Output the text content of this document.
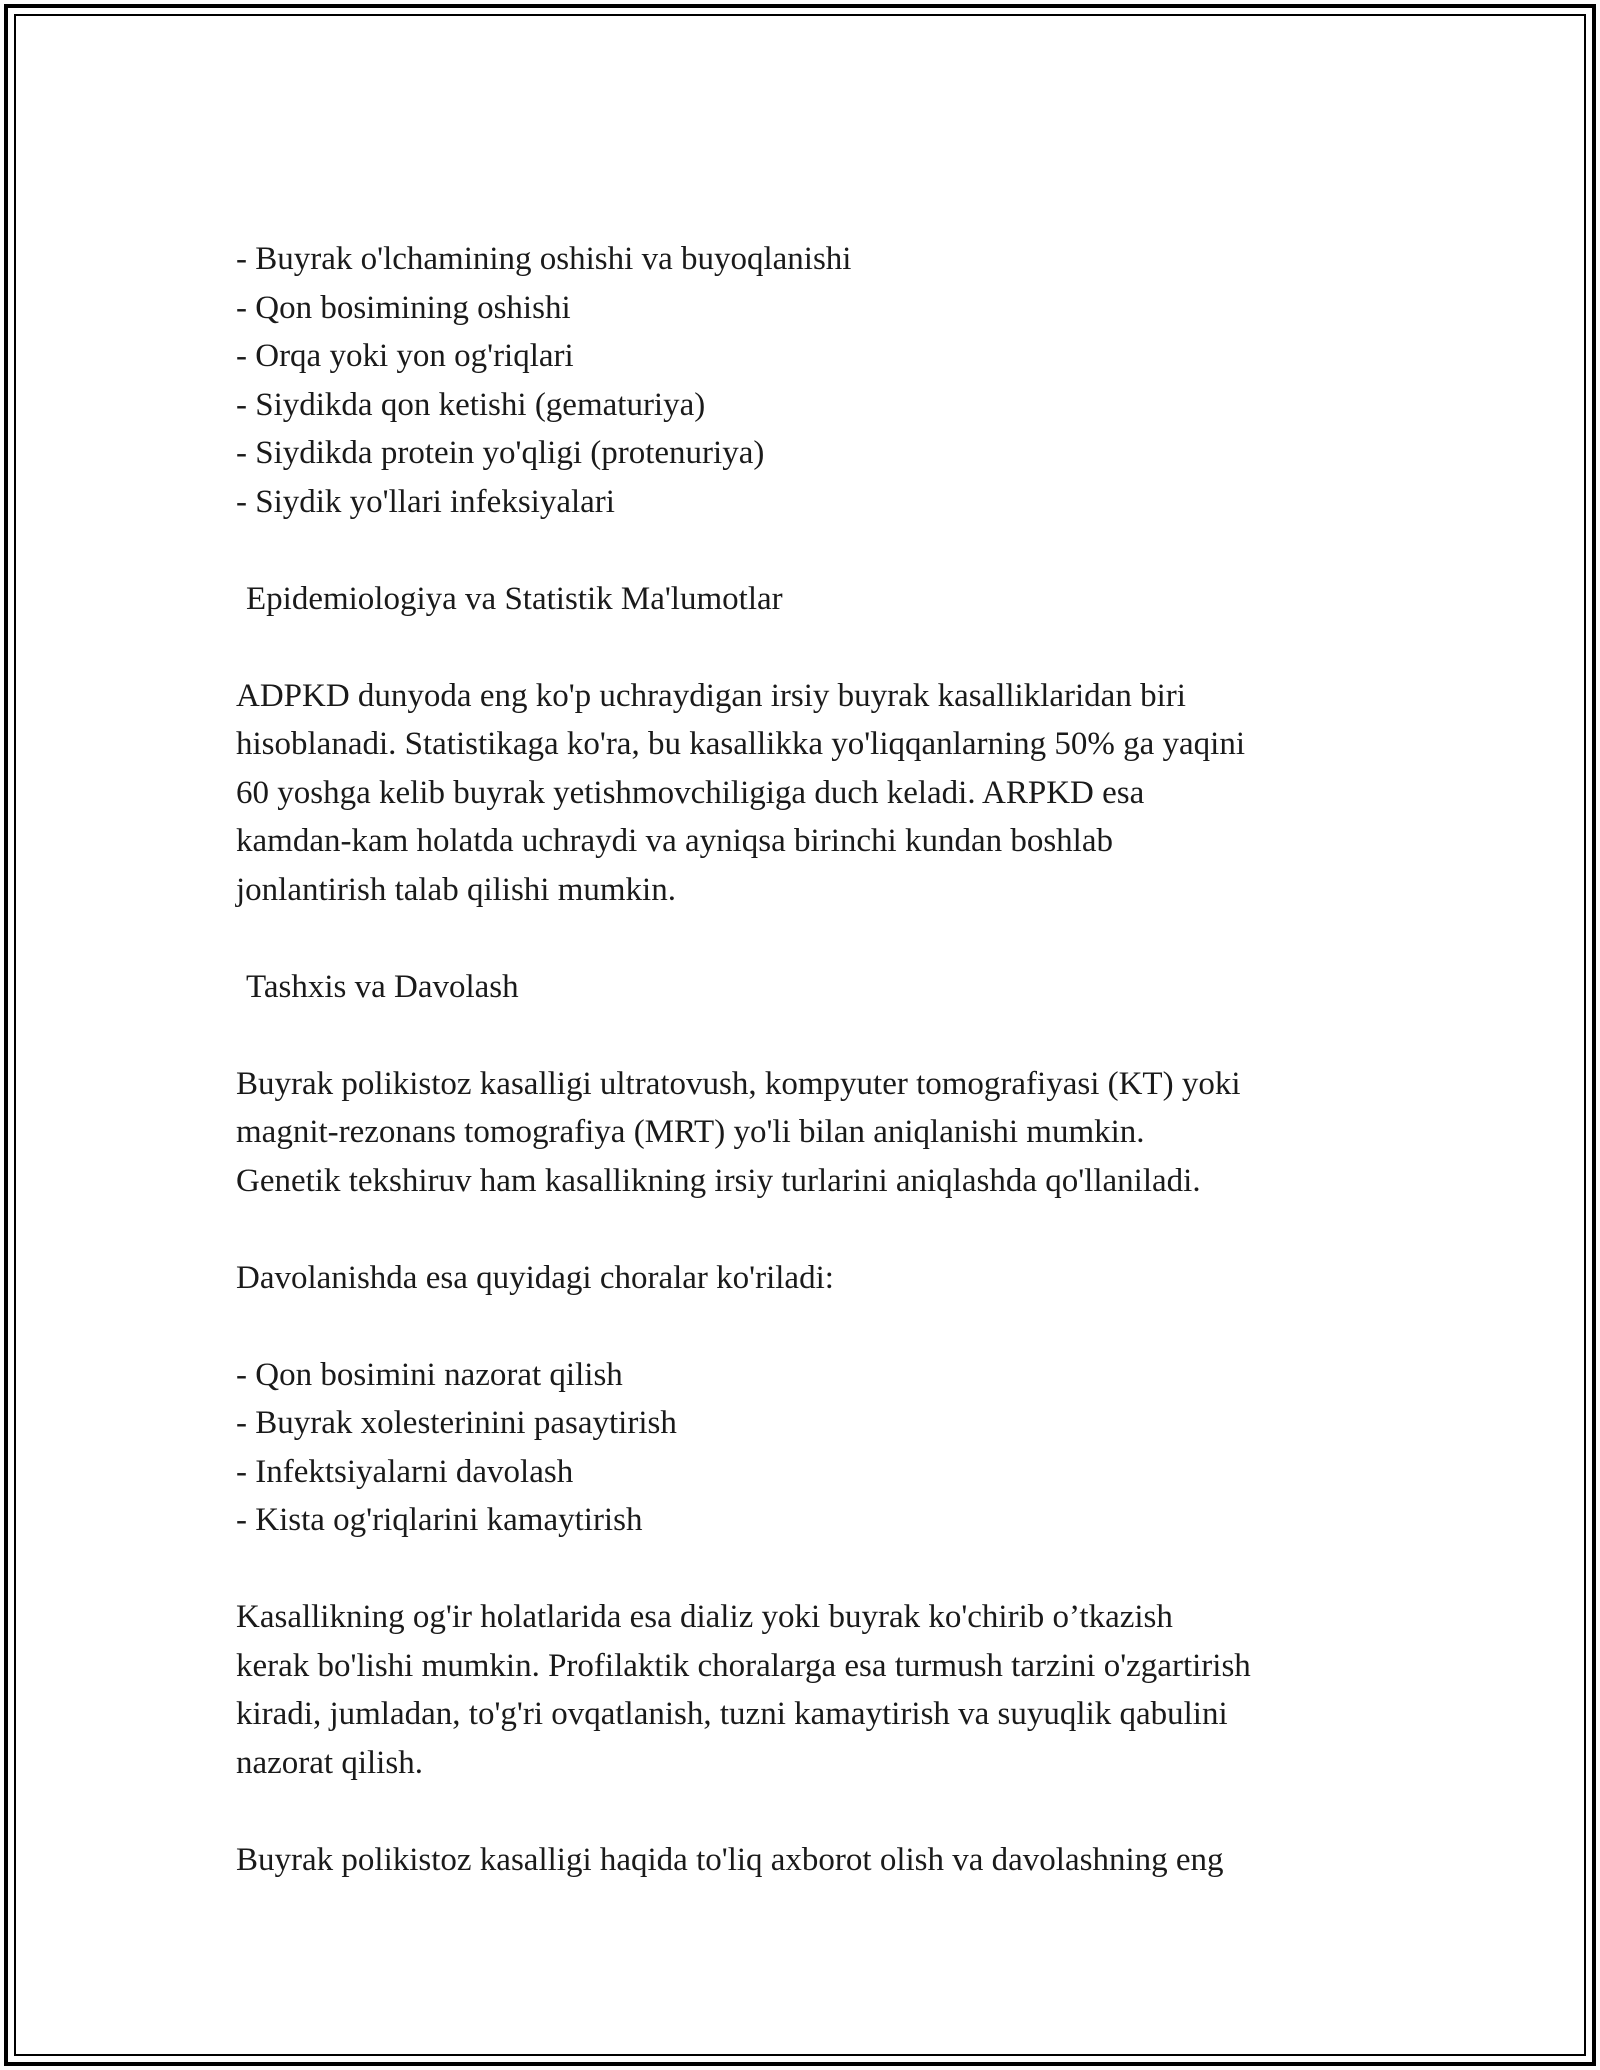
- Buyrak o'lchamining oshishi va buyoqlanishi
- Qon bosimining oshishi
- Orqa yoki yon og'riqlari
- Siydikda qon ketishi (gematuriya)
- Siydikda protein yo'qligi (protenuriya)
- Siydik yo'llari infeksiyalari
Epidemiologiya va Statistik Ma'lumotlar
ADPKD dunyoda eng ko'p uchraydigan irsiy buyrak kasalliklaridan biri
hisoblanadi. Statistikaga ko'ra, bu kasallikka yo'liqqanlarning 50% ga yaqini
60 yoshga kelib buyrak yetishmovchiligiga duch keladi. ARPKD esa
kamdan-kam holatda uchraydi va ayniqsa birinchi kundan boshlab
jonlantirish talab qilishi mumkin.
Tashxis va Davolash
Buyrak polikistoz kasalligi ultratovush, kompyuter tomografiyasi (KT) yoki
magnit-rezonans tomografiya (MRT) yo'li bilan aniqlanishi mumkin.
Genetik tekshiruv ham kasallikning irsiy turlarini aniqlashda qo'llaniladi.
Davolanishda esa quyidagi choralar ko'riladi:
- Qon bosimini nazorat qilish
- Buyrak xolesterinini pasaytirish
- Infektsiyalarni davolash
- Kista og'riqlarini kamaytirish
Kasallikning og'ir holatlarida esa dializ yoki buyrak ko'chirib o’tkazish
kerak bo'lishi mumkin. Profilaktik choralarga esa turmush tarzini o'zgartirish
kiradi, jumladan, to'g'ri ovqatlanish, tuzni kamaytirish va suyuqlik qabulini
nazorat qilish.
Buyrak polikistoz kasalligi haqida to'liq axborot olish va davolashning eng
